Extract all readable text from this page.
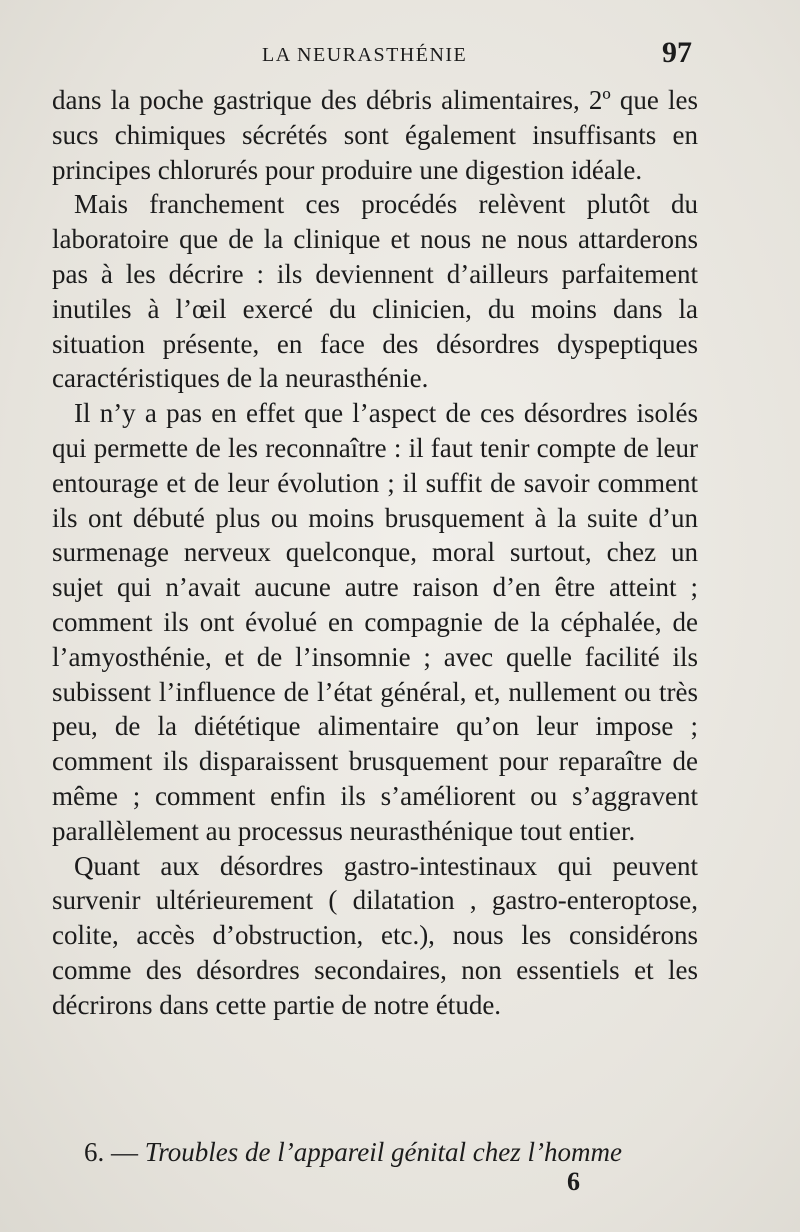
LA NEURASTHÉNIE	97

dans la poche gastrique des débris alimentaires, 2º que les sucs chimiques sécrétés sont également insuffisants en principes chlorurés pour produire une digestion idéale.

Mais franchement ces procédés relèvent plutôt du laboratoire que de la clinique et nous ne nous attarderons pas à les décrire : ils deviennent d’ailleurs parfaitement inutiles à l’œil exercé du clinicien, du moins dans la situation présente, en face des désordres dyspeptiques caractéristiques de la neurasthénie.

Il n’y a pas en effet que l’aspect de ces désordres isolés qui permette de les reconnaître : il faut tenir compte de leur entourage et de leur évolution ; il suffit de savoir comment ils ont débuté plus ou moins brusquement à la suite d’un surmenage nerveux quelconque, moral surtout, chez un sujet qui n’avait aucune autre raison d’en être atteint ; comment ils ont évolué en compagnie de la céphalée, de l’amyosthénie, et de l’insomnie ; avec quelle facilité ils subissent l’influence de l’état général, et, nullement ou très peu, de la diététique alimentaire qu’on leur impose ; comment ils disparaissent brusquement pour reparaître de même ; comment enfin ils s’améliorent ou s’aggravent parallèlement au processus neurasthénique tout entier.

Quant aux désordres gastro-intestinaux qui peuvent survenir ultérieurement ( dilatation , gastro-enteroptose, colite, accès d’obstruction, etc.), nous les considérons comme des désordres secondaires, non essentiels et les décrirons dans cette partie de notre étude.

6. — Troubles de l’appareil génital chez l’homme
6
